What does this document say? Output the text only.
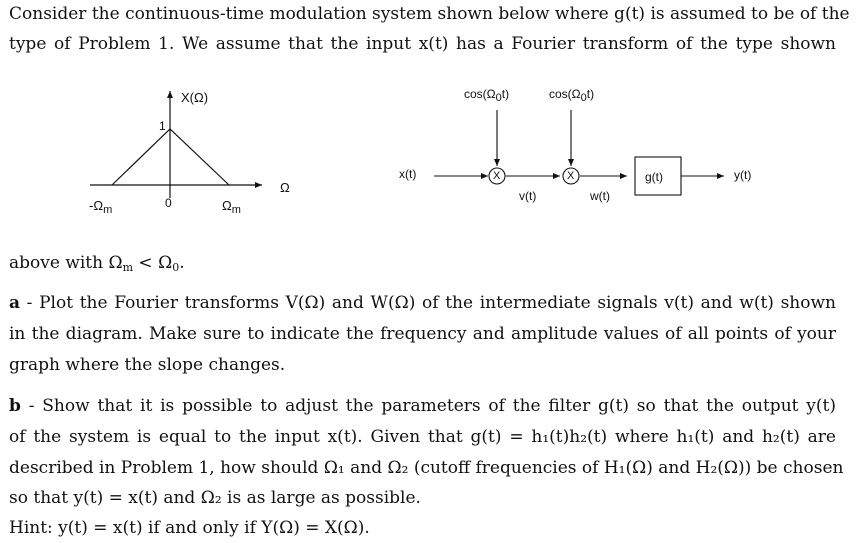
Consider the continuous-time modulation system shown below where g(t) is assumed to be of the
type of Problem 1. We assume that the input x(t) has a Fourier transform of the type shown
X(Ω)
1
Ω
$-\Omega_m$	0	$\Omega_m$
x(t)
$\cos(\Omega_0t)$	$\cos(\Omega_0t)$
X	X
v(t)	w(t)
g(t)	y(t)
above with $\Omega_m < \Omega_0$.
a - Plot the Fourier transforms V(Ω) and W(Ω) of the intermediate signals v(t) and w(t) shown
in the diagram. Make sure to indicate the frequency and amplitude values of all points of your
graph where the slope changes.
b - Show that it is possible to adjust the parameters of the filter g(t) so that the output y(t)
of the system is equal to the input x(t). Given that g(t) = h₁(t)h₂(t) where h₁(t) and h₂(t) are
described in Problem 1, how should Ω₁ and Ω₂ (cutoff frequencies of H₁(Ω) and H₂(Ω)) be chosen
so that y(t) = x(t) and Ω₂ is as large as possible.
Hint: y(t) = x(t) if and only if Y(Ω) = X(Ω).
